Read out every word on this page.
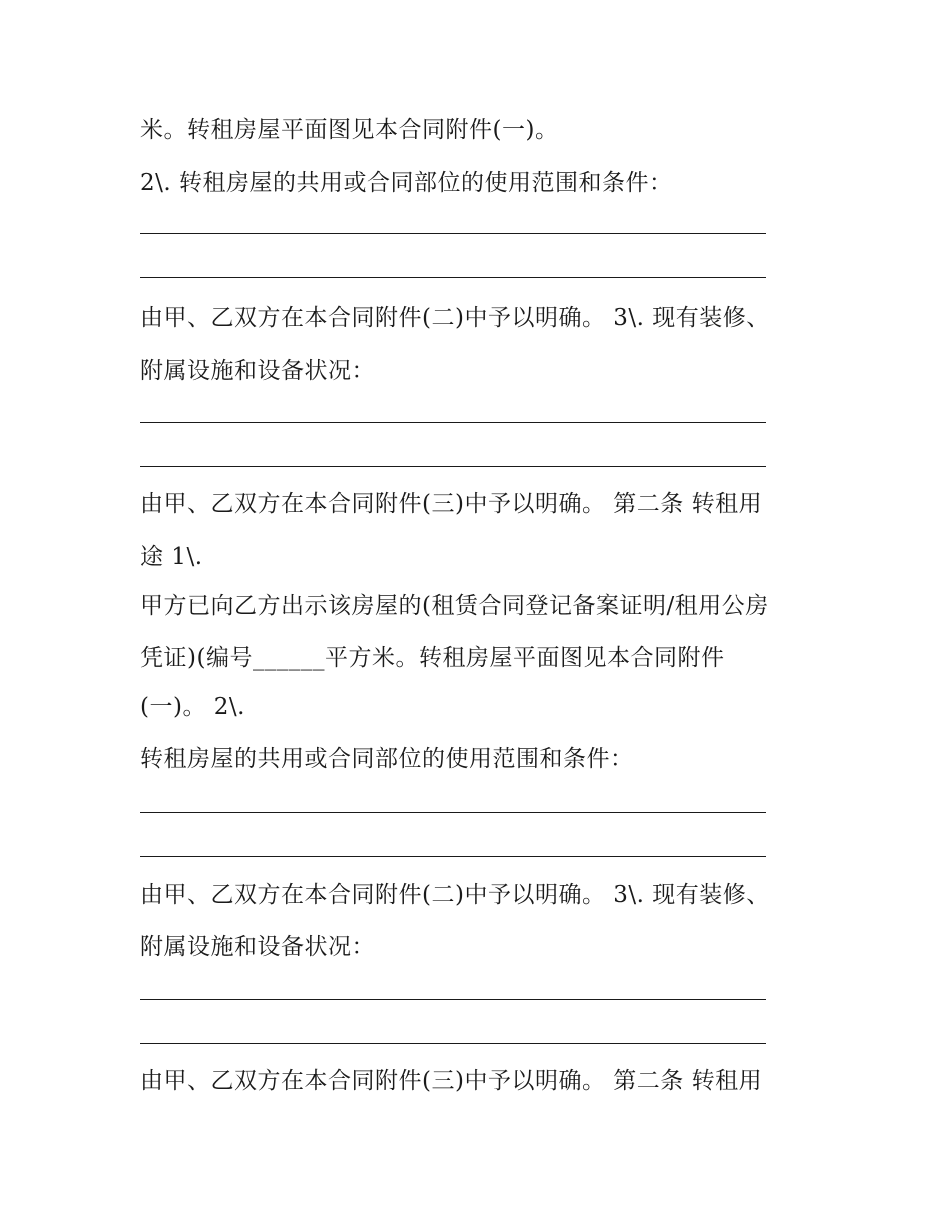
米。转租房屋平面图见本合同附件(一)。
2\. 转租房屋的共用或合同部位的使用范围和条件：
由甲、乙双方在本合同附件(二)中予以明确。 3\. 现有装修、
附属设施和设备状况：
由甲、乙双方在本合同附件(三)中予以明确。 第二条 转租用
途 1\.
甲方已向乙方出示该房屋的(租赁合同登记备案证明/租用公房
凭证)(编号______平方米。转租房屋平面图见本合同附件
(一)。 2\.
转租房屋的共用或合同部位的使用范围和条件：
由甲、乙双方在本合同附件(二)中予以明确。 3\. 现有装修、
附属设施和设备状况：
由甲、乙双方在本合同附件(三)中予以明确。 第二条 转租用
